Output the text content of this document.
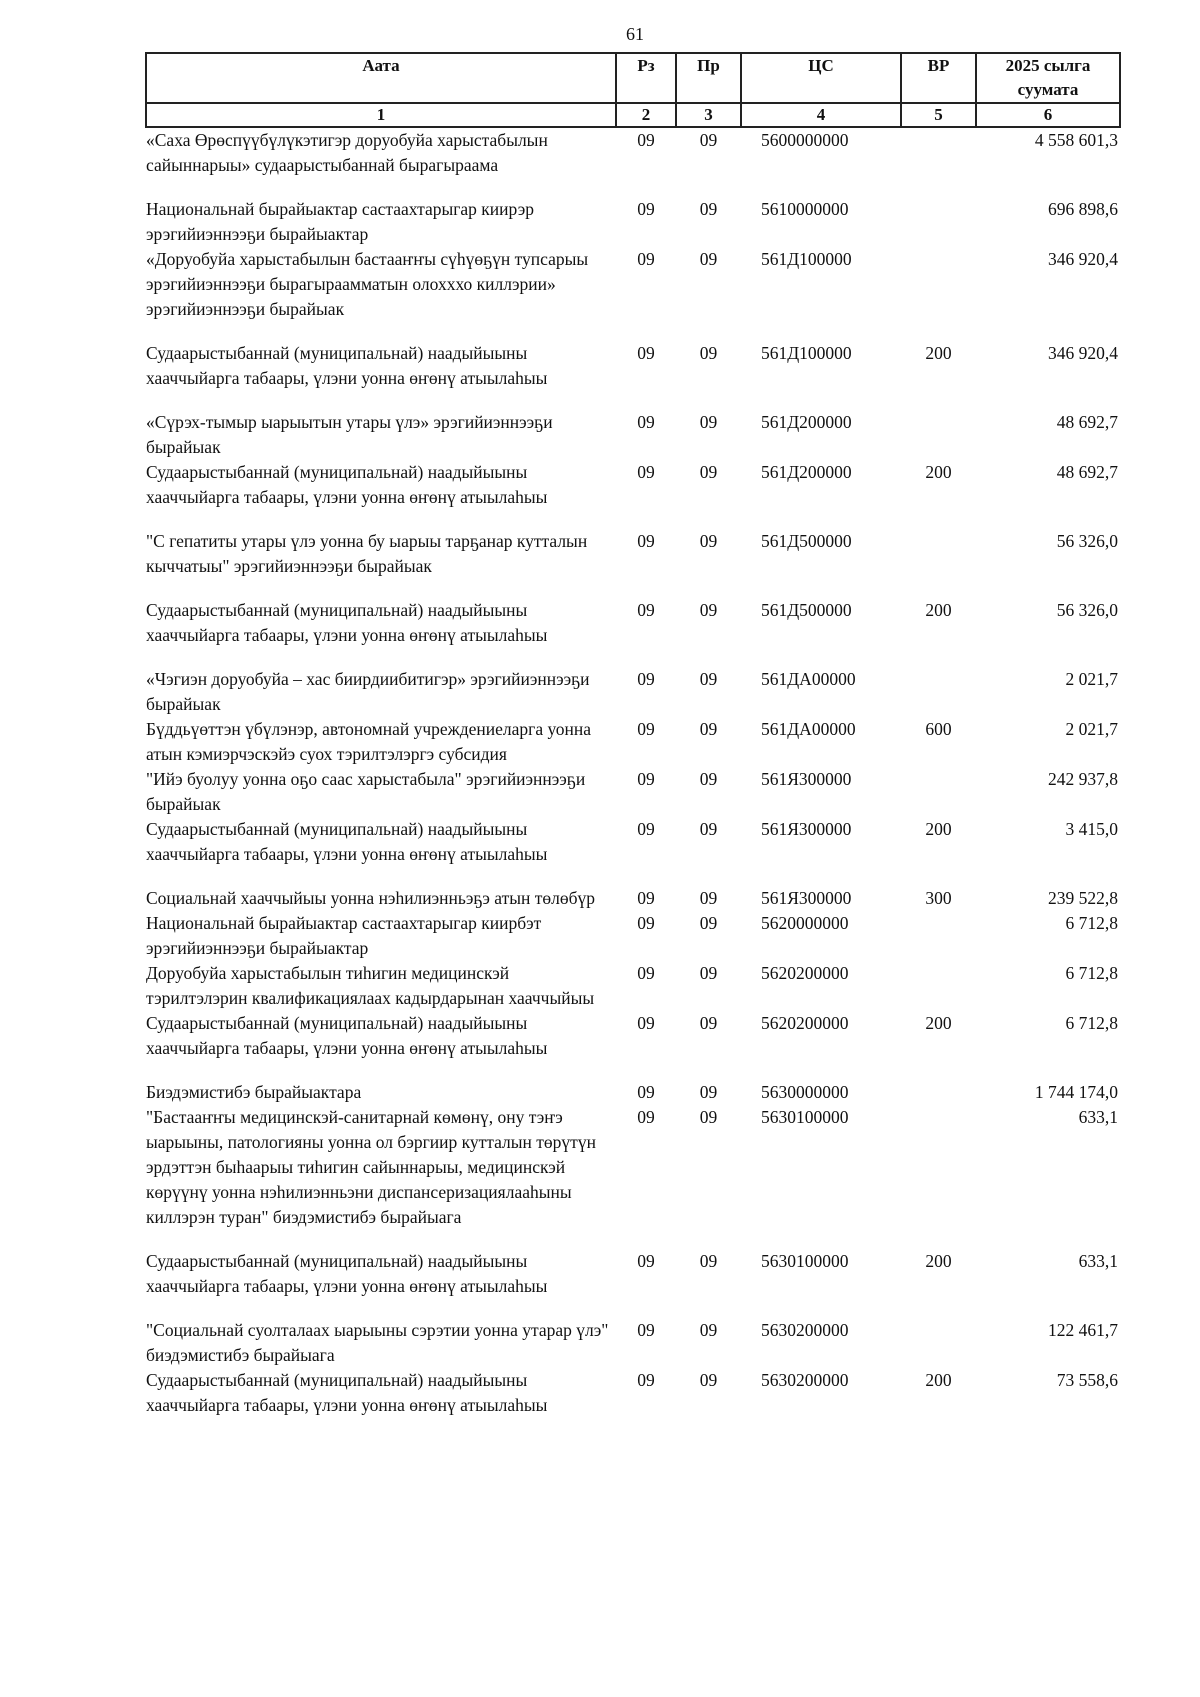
61
Аата	Рз	Пр	ЦС	ВР	2025 сылга суумата
1	2	3	4	5	6
«Саха Өрөспүүбүлүкэтигэр доруобуйа харыстабылын сайыннарыы» судаарыстыбаннай бырагыраама	09	09	5600000000		4 558 601,3
Национальнай бырайыактар састаахтарыгар киирэр эрэгийиэннээҕи бырайыактар	09	09	5610000000		696 898,6
«Доруобуйа харыстабылын бастааҥҥы сүһүөҕүн тупсарыы эрэгийиэннээҕи бырагыраамматын олохххо киллэрии» эрэгийиэннээҕи бырайыак	09	09	561Д100000		346 920,4
Судаарыстыбаннай (муниципальнай) наадыйыыны хааччыйарга табаары, үлэни уонна өҥөнү атыылаһыы	09	09	561Д100000	200	346 920,4
«Сүрэх-тымыр ыарыытын утары үлэ» эрэгийиэннээҕи бырайыак	09	09	561Д200000		48 692,7
Судаарыстыбаннай (муниципальнай) наадыйыыны хааччыйарга табаары, үлэни уонна өҥөнү атыылаһыы	09	09	561Д200000	200	48 692,7
"С гепатиты утары үлэ уонна бу ыарыы тарҕанар кутталын кыччатыы" эрэгийиэннээҕи бырайыак	09	09	561Д500000		56 326,0
Судаарыстыбаннай (муниципальнай) наадыйыыны хааччыйарга табаары, үлэни уонна өҥөнү атыылаһыы	09	09	561Д500000	200	56 326,0
«Чэгиэн доруобуйа – хас биирдиибитигэр» эрэгийиэннээҕи бырайыак	09	09	561ДА00000		2 021,7
Бүддьүөттэн үбүлэнэр, автономнай учреждениеларга уонна атын кэмиэрчэскэйэ суох тэрилтэлэргэ субсидия	09	09	561ДА00000	600	2 021,7
"Ийэ буолуу уонна оҕо саас харыстабыла" эрэгийиэннээҕи бырайыак	09	09	561Я300000		242 937,8
Судаарыстыбаннай (муниципальнай) наадыйыыны хааччыйарга табаары, үлэни уонна өҥөнү атыылаһыы	09	09	561Я300000	200	3 415,0
Социальнай хааччыйыы уонна нэһилиэнньэҕэ атын төлөбүр	09	09	561Я300000	300	239 522,8
Национальнай бырайыактар састаахтарыгар киирбэт эрэгийиэннээҕи бырайыактар	09	09	5620000000		6 712,8
Доруобуйа харыстабылын тиһигин медицинскэй тэрилтэлэрин квалификациялаах кадырдарынан хааччыйыы	09	09	5620200000		6 712,8
Судаарыстыбаннай (муниципальнай) наадыйыыны хааччыйарга табаары, үлэни уонна өҥөнү атыылаһыы	09	09	5620200000	200	6 712,8
Биэдэмистибэ бырайыактара	09	09	5630000000		1 744 174,0
"Бастааҥҥы медицинскэй-санитарнай көмөнү, ону тэҥэ ыарыыны, патологияны уонна ол бэргиир кутталын төрүтүн эрдэттэн быһаарыы тиһигин сайыннарыы, медицинскэй көрүүнү уонна нэһилиэнньэни диспансеризациялааһыны киллэрэн туран" биэдэмистибэ бырайыага	09	09	5630100000		633,1
Судаарыстыбаннай (муниципальнай) наадыйыыны хааччыйарга табаары, үлэни уонна өҥөнү атыылаһыы	09	09	5630100000	200	633,1
"Социальнай суолталаах ыарыыны сэрэтии уонна утарар үлэ" биэдэмистибэ бырайыага	09	09	5630200000		122 461,7
Судаарыстыбаннай (муниципальнай) наадыйыыны хааччыйарга табаары, үлэни уонна өҥөнү атыылаһыы	09	09	5630200000	200	73 558,6
